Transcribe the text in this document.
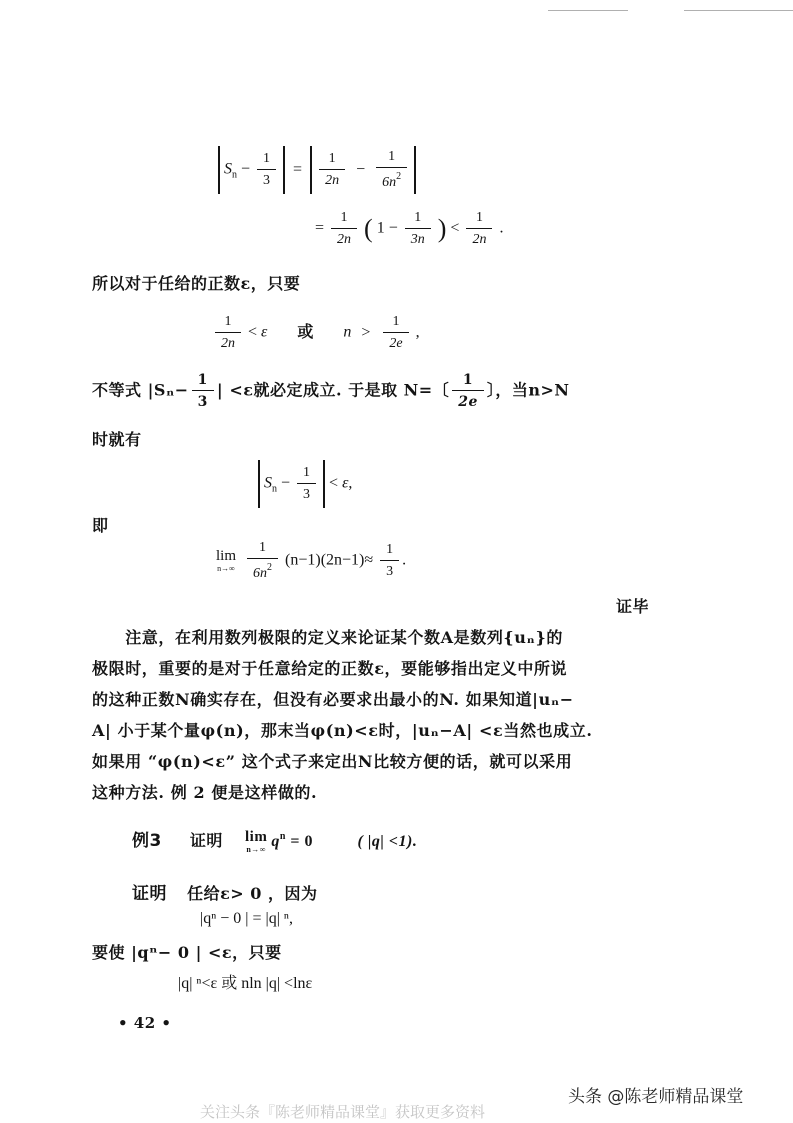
$S_n - \frac{1}{3} = \frac{1}{2n} - \frac{1}{6n^2}$

= $\frac{1}{2n}$ ( $1 - \frac{1}{3n}$ ) < $\frac{1}{2n}$ .
所以对于任给的正数ε，只要
$\frac{1}{2n} < \varepsilon$ 或 $n > \frac{1}{2e}$ ,
不等式 $|S_n- \frac{1}{3}$ | <ε就必定成立. 于是取 N=〔 $\frac{1}{2e}$ 〕，当n>N
时就有
$S_n - \frac{1}{3} < \varepsilon$,
即
lim
n→∞
$\frac{1}{6n^2} (n-1)(2n-1)\approx \frac{1}{3}$ .
证毕
　　注意，在利用数列极限的定义来论证某个数A是数列{uₙ}的
极限时，重要的是对于任意给定的正数ε，要能够指出定义中所说
的这种正数N确实存在，但没有必要求出最小的N. 如果知道|uₙ−
A| 小于某个量φ(n)，那末当φ(n)<ε时，|uₙ−A| <ε当然也成立.
如果用 “φ(n)<ε” 这个式子来定出N比较方便的话，就可以采用
这种方法. 例 2 便是这样做的.
例3 证明 lim
n→∞ $q^n = 0$	( |q| <1).
证明 任给ε> 0 ，因为
|qⁿ − 0 | = |q| ⁿ,
要使 |qⁿ− 0 | <ε，只要
|q| ⁿ<ε 或 nln |q| <lnε
• 42 •
头条 @陈老师精品课堂
关注头条『陈老师精品课堂』获取更多资料
